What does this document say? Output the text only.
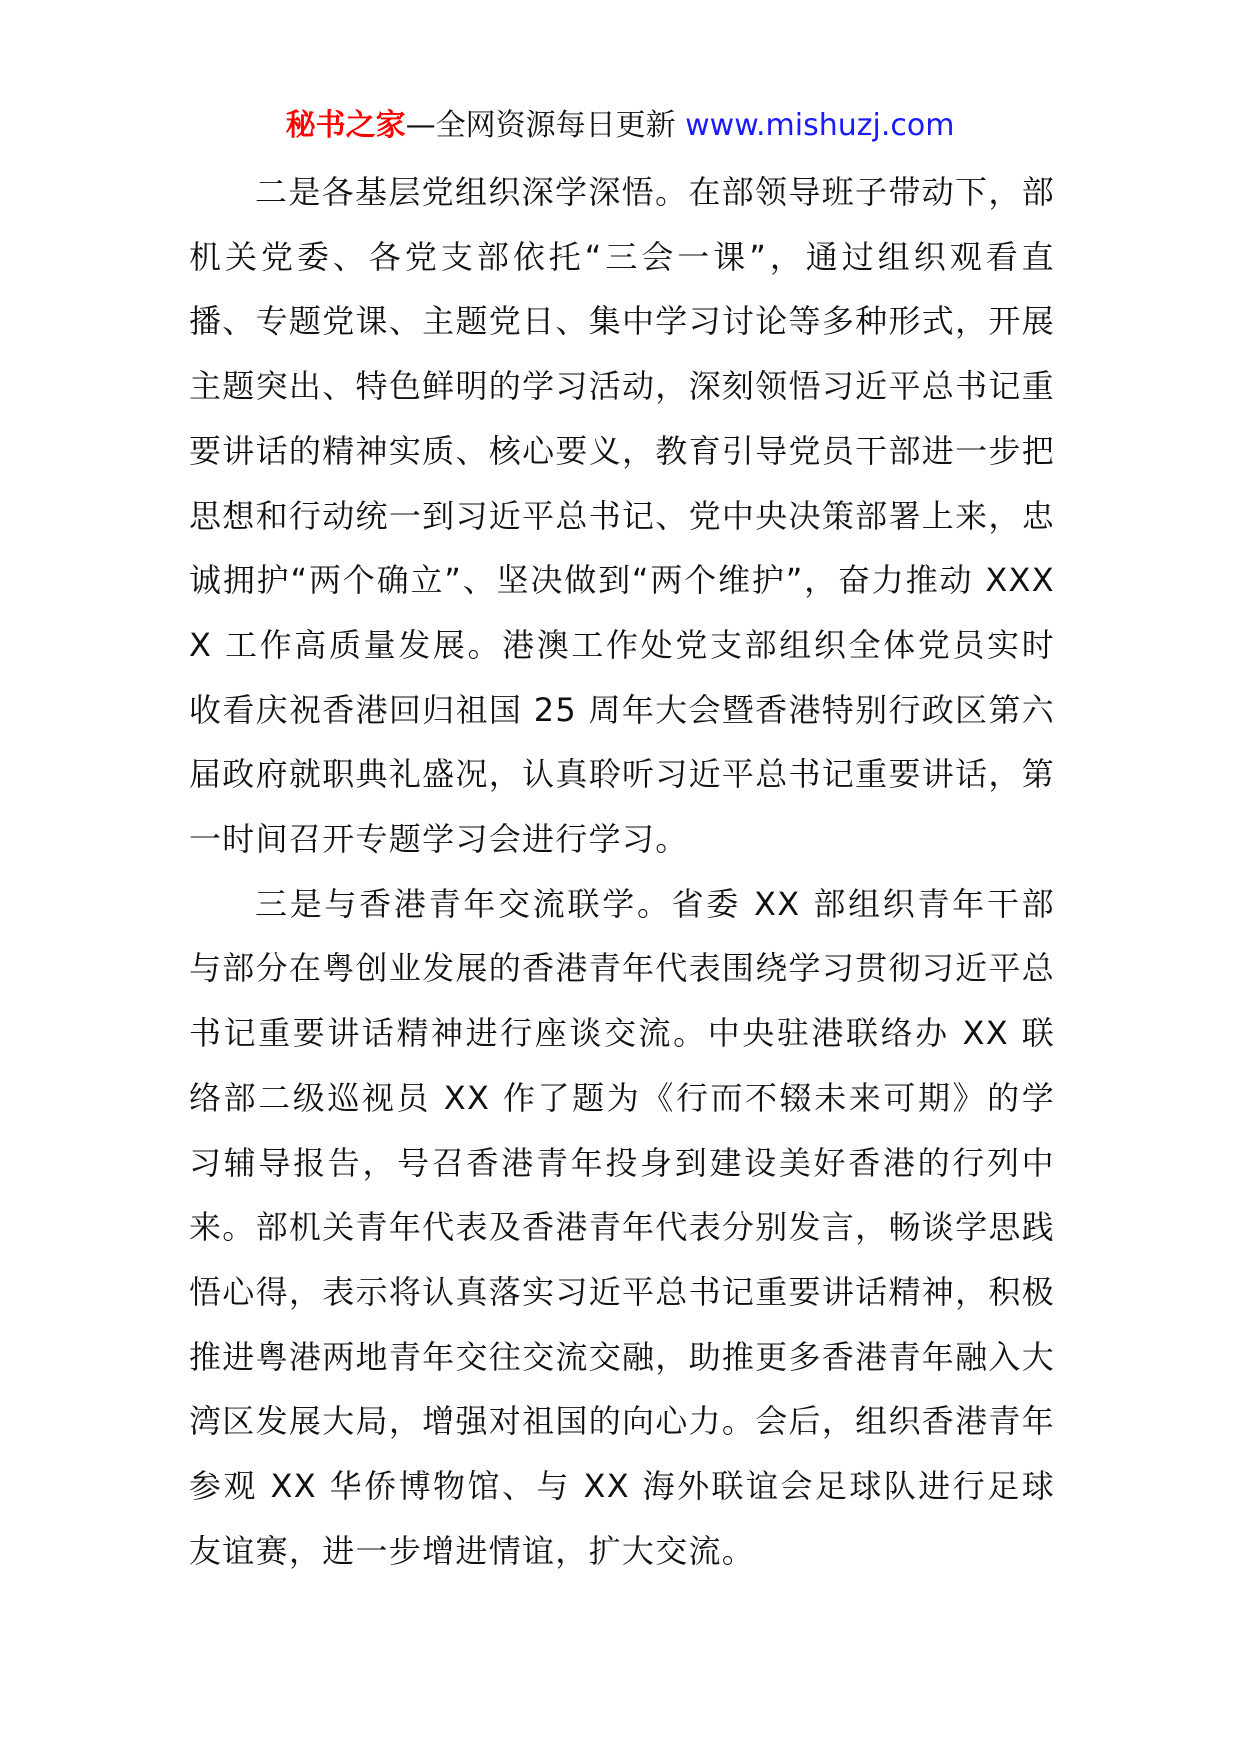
秘书之家—全网资源每日更新 www.mishuzj.com

二是各基层党组织深学深悟。在部领导班子带动下，部机关党委、各党支部依托“三会一课”，通过组织观看直播、专题党课、主题党日、集中学习讨论等多种形式，开展主题突出、特色鲜明的学习活动，深刻领悟习近平总书记重要讲话的精神实质、核心要义，教育引导党员干部进一步把思想和行动统一到习近平总书记、党中央决策部署上来，忠诚拥护“两个确立”、坚决做到“两个维护”，奋力推动 XXXX 工作高质量发展。港澳工作处党支部组织全体党员实时收看庆祝香港回归祖国 25 周年大会暨香港特别行政区第六届政府就职典礼盛况，认真聆听习近平总书记重要讲话，第一时间召开专题学习会进行学习。

三是与香港青年交流联学。省委 XX 部组织青年干部与部分在粤创业发展的香港青年代表围绕学习贯彻习近平总书记重要讲话精神进行座谈交流。中央驻港联络办 XX 联络部二级巡视员 XX 作了题为《行而不辍未来可期》的学习辅导报告，号召香港青年投身到建设美好香港的行列中来。部机关青年代表及香港青年代表分别发言，畅谈学思践悟心得，表示将认真落实习近平总书记重要讲话精神，积极推进粤港两地青年交往交流交融，助推更多香港青年融入大湾区发展大局，增强对祖国的向心力。会后，组织香港青年参观 XX 华侨博物馆、与 XX 海外联谊会足球队进行足球友谊赛，进一步增进情谊，扩大交流。
